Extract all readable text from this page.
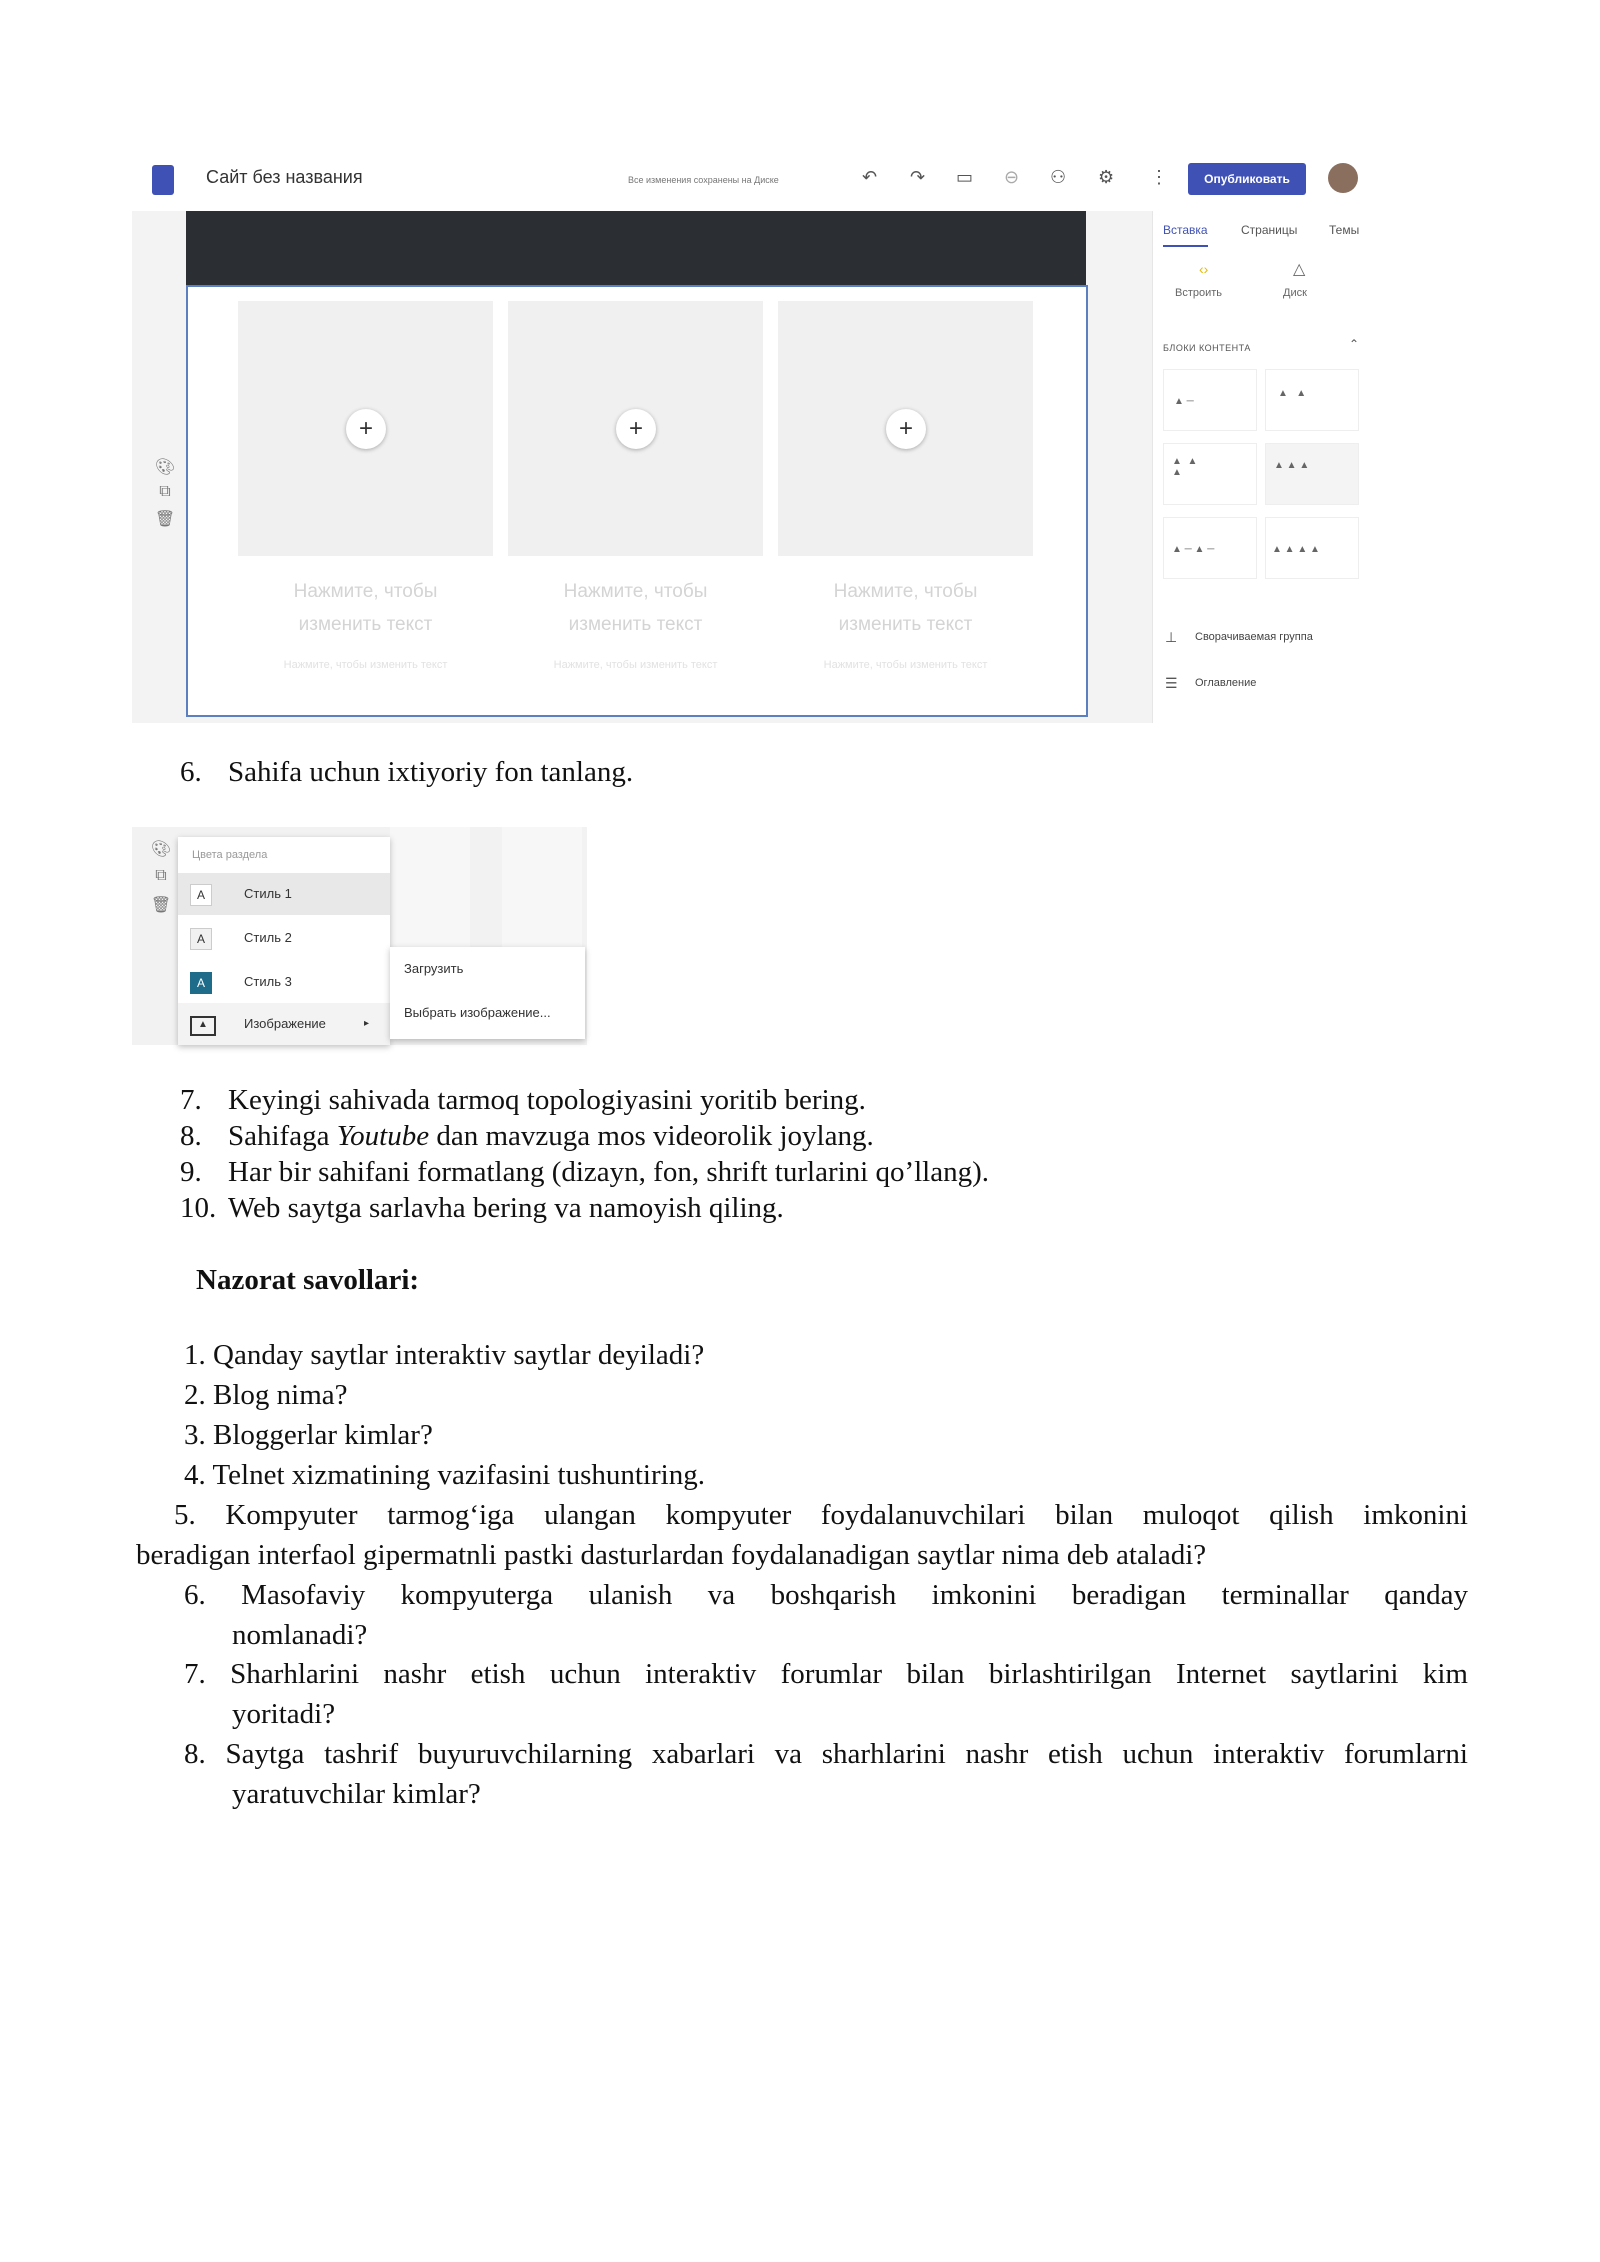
Сайт без названия	Все изменения сохранены на Диске	↶ ↷ ▭ ⊖ ⚇ ⚙ ⋮	Опубликовать
🎨︎
⧉
🗑︎
+	+	+
Нажмите, чтобы
изменить текст
Нажмите, чтобы
изменить текст
Нажмите, чтобы
изменить текст
Нажмите, чтобы изменить текст	Нажмите, чтобы изменить текст	Нажмите, чтобы изменить текст
Вставка	Страницы	Темы
‹›
Встроить
△
Диск
БЛОКИ КОНТЕНТА	⌃
▲ ─
▲   ▲
▲  ▲
▲
▲ ▲ ▲
▲ ─ ▲ ─	▲ ▲ ▲ ▲
⊥ Сворачиваемая группа
☰ Оглавление
6. Sahifa uchun ixtiyoriy fon tanlang.
🎨︎
⧉
🗑︎
Цвета раздела
A	Стиль 1
A	Стиль 2
A	Стиль 3
▲	Изображение	▸
Загрузить
Выбрать изображение...
7. Keyingi sahivada tarmoq topologiyasini yoritib bering.
8. Sahifaga Youtube dan mavzuga mos videorolik joylang.
9. Har bir sahifani formatlang (dizayn, fon, shrift turlarini qo’llang).
10. Web saytga sarlavha bering va namoyish qiling.
Nazorat savollari:
1. Qanday saytlar interaktiv saytlar deyiladi?
2. Blog nima?
3. Bloggerlar kimlar?
4. Telnet xizmatining vazifasini tushuntiring.
5. Kompyuter tarmog‘iga ulangan kompyuter foydalanuvchilari bilan muloqot qilish imkonini
beradigan interfaol gipermatnli pastki dasturlardan foydalanadigan saytlar nima deb ataladi?
6. Masofaviy kompyuterga ulanish va boshqarish imkonini beradigan terminallar qanday
nomlanadi?
7. Sharhlarini nashr etish uchun interaktiv forumlar bilan birlashtirilgan Internet saytlarini kim
yoritadi?
8. Saytga tashrif buyuruvchilarning xabarlari va sharhlarini nashr etish uchun interaktiv forumlarni
yaratuvchilar kimlar?
